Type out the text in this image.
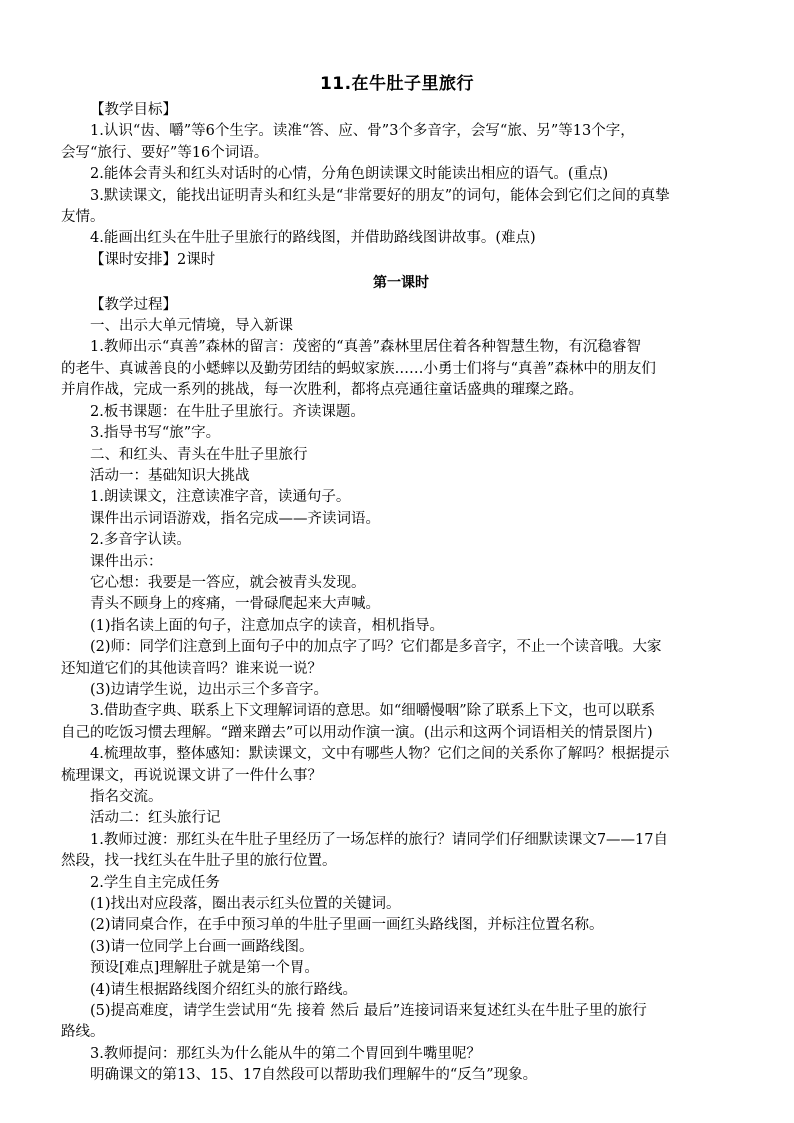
11.在牛肚子里旅行

【教学目标】

1.认识“齿、嚼”等6个生字。读准“答、应、骨”3个多音字，会写“旅、另”等13个字，

会写“旅行、要好”等16个词语。

2.能体会青头和红头对话时的心情，分角色朗读课文时能读出相应的语气。(重点)

3.默读课文，能找出证明青头和红头是“非常要好的朋友”的词句，能体会到它们之间的真挚

友情。

4.能画出红头在牛肚子里旅行的路线图，并借助路线图讲故事。(难点)

【课时安排】2课时

第一课时

【教学过程】

一、出示大单元情境，导入新课

1.教师出示“真善”森林的留言：茂密的“真善”森林里居住着各种智慧生物，有沉稳睿智

的老牛、真诚善良的小蟋蟀以及勤劳团结的蚂蚁家族……小勇士们将与“真善”森林中的朋友们

并肩作战，完成一系列的挑战，每一次胜利，都将点亮通往童话盛典的璀璨之路。

2.板书课题：在牛肚子里旅行。齐读课题。

3.指导书写“旅”字。

二、和红头、青头在牛肚子里旅行

活动一：基础知识大挑战

1.朗读课文，注意读准字音，读通句子。

课件出示词语游戏，指名完成——齐读词语。

2.多音字认读。

课件出示：

它心想：我要是一答应，就会被青头发现。

青头不顾身上的疼痛，一骨碌爬起来大声喊。

(1)指名读上面的句子，注意加点字的读音，相机指导。

(2)师：同学们注意到上面句子中的加点字了吗？它们都是多音字，不止一个读音哦。大家

还知道它们的其他读音吗？谁来说一说？

(3)边请学生说，边出示三个多音字。

3.借助查字典、联系上下文理解词语的意思。如“细嚼慢咽”除了联系上下文，也可以联系

自己的吃饭习惯去理解。“蹭来蹭去”可以用动作演一演。(出示和这两个词语相关的情景图片)

4.梳理故事，整体感知：默读课文，文中有哪些人物？它们之间的关系你了解吗？根据提示

梳理课文，再说说课文讲了一件什么事？

指名交流。

活动二：红头旅行记

1.教师过渡：那红头在牛肚子里经历了一场怎样的旅行？请同学们仔细默读课文7——17自

然段，找一找红头在牛肚子里的旅行位置。

2.学生自主完成任务

(1)找出对应段落，圈出表示红头位置的关键词。

(2)请同桌合作，在手中预习单的牛肚子里画一画红头路线图，并标注位置名称。

(3)请一位同学上台画一画路线图。

预设[难点]理解肚子就是第一个胃。

(4)请生根据路线图介绍红头的旅行路线。

(5)提高难度，请学生尝试用“先 接着 然后 最后”连接词语来复述红头在牛肚子里的旅行

路线。

3.教师提问：那红头为什么能从牛的第二个胃回到牛嘴里呢？

明确课文的第13、15、17自然段可以帮助我们理解牛的“反刍”现象。
